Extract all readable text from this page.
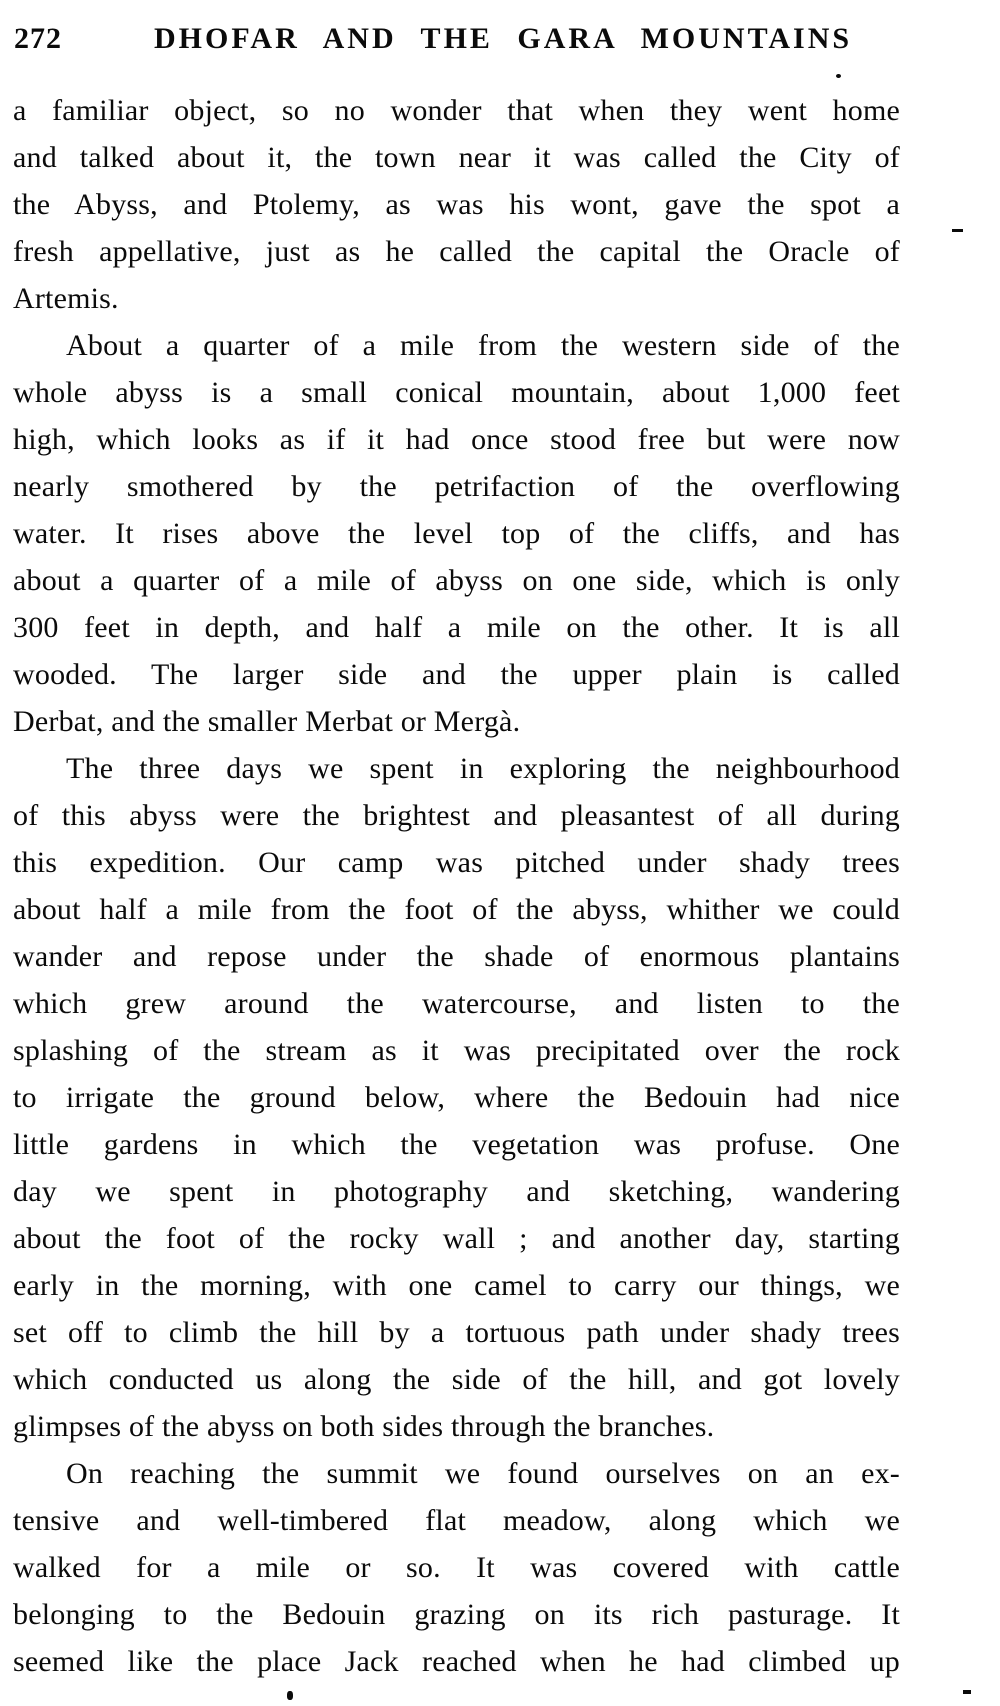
272	DHOFAR AND THE GARA MOUNTAINS
a familiar object, so no wonder that when they went home
and talked about it, the town near it was called the City of
the Abyss, and Ptolemy, as was his wont, gave the spot a
fresh appellative, just as he called the capital the Oracle of
Artemis.
About a quarter of a mile from the western side of the
whole abyss is a small conical mountain, about 1,000 feet
high, which looks as if it had once stood free but were now
nearly smothered by the petrifaction of the overflowing
water. It rises above the level top of the cliffs, and has
about a quarter of a mile of abyss on one side, which is only
300 feet in depth, and half a mile on the other. It is all
wooded. The larger side and the upper plain is called
Derbat, and the smaller Merbat or Mergà.
The three days we spent in exploring the neighbourhood
of this abyss were the brightest and pleasantest of all during
this expedition. Our camp was pitched under shady trees
about half a mile from the foot of the abyss, whither we could
wander and repose under the shade of enormous plantains
which grew around the watercourse, and listen to the
splashing of the stream as it was precipitated over the rock
to irrigate the ground below, where the Bedouin had nice
little gardens in which the vegetation was profuse. One
day we spent in photography and sketching, wandering
about the foot of the rocky wall ; and another day, starting
early in the morning, with one camel to carry our things, we
set off to climb the hill by a tortuous path under shady trees
which conducted us along the side of the hill, and got lovely
glimpses of the abyss on both sides through the branches.
On reaching the summit we found ourselves on an ex-
tensive and well-timbered flat meadow, along which we
walked for a mile or so. It was covered with cattle
belonging to the Bedouin grazing on its rich pasturage. It
seemed like the place Jack reached when he had climbed up
